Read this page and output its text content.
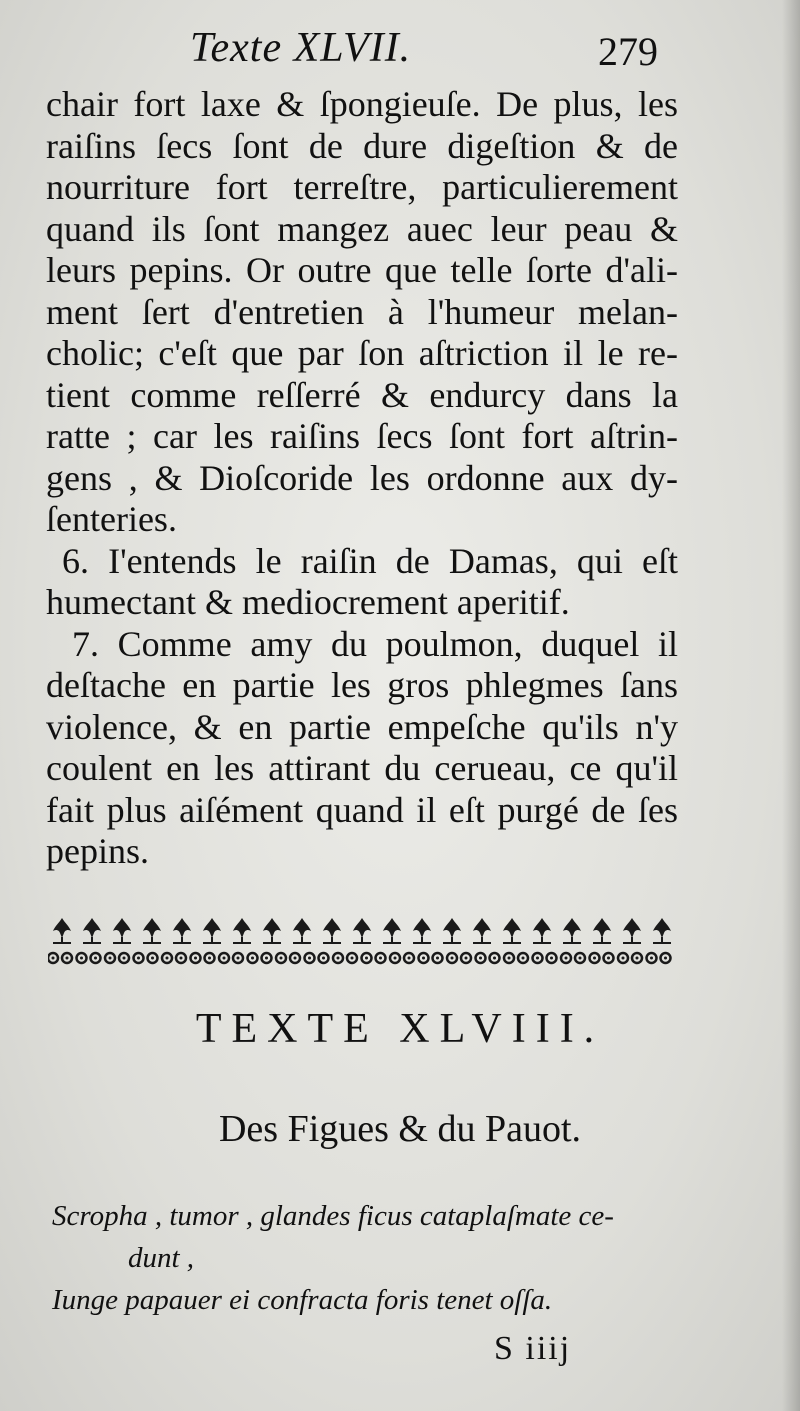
Texte XLVII.	279
chair fort laxe & ſpongieuſe. De plus, les
raiſins ſecs ſont de dure digeſtion & de
nourriture fort terreſtre, particulierement
quand ils ſont mangez auec leur peau &
leurs pepins. Or outre que telle ſorte d'ali-
ment ſert d'entretien à l'humeur melan-
cholic; c'eſt que par ſon aſtriction il le re-
tient comme reſſerré & endurcy dans la
ratte ; car les raiſins ſecs ſont fort aſtrin-
gens , & Dioſcoride les ordonne aux dy-
ſenteries.
6. I'entends le raiſin de Damas, qui eſt
humectant & mediocrement aperitif.
7. Comme amy du poulmon, duquel il
deſtache en partie les gros phlegmes ſans
violence, & en partie empeſche qu'ils n'y
coulent en les attirant du cerueau, ce qu'il
fait plus aiſément quand il eſt purgé de ſes
pepins.
TEXTE XLVIII.
Des Figues & du Pauot.
Scropha , tumor , glandes ficus cataplaſmate ce-
dunt ,
Iunge papauer ei confracta foris tenet oſſa.
S iiij
